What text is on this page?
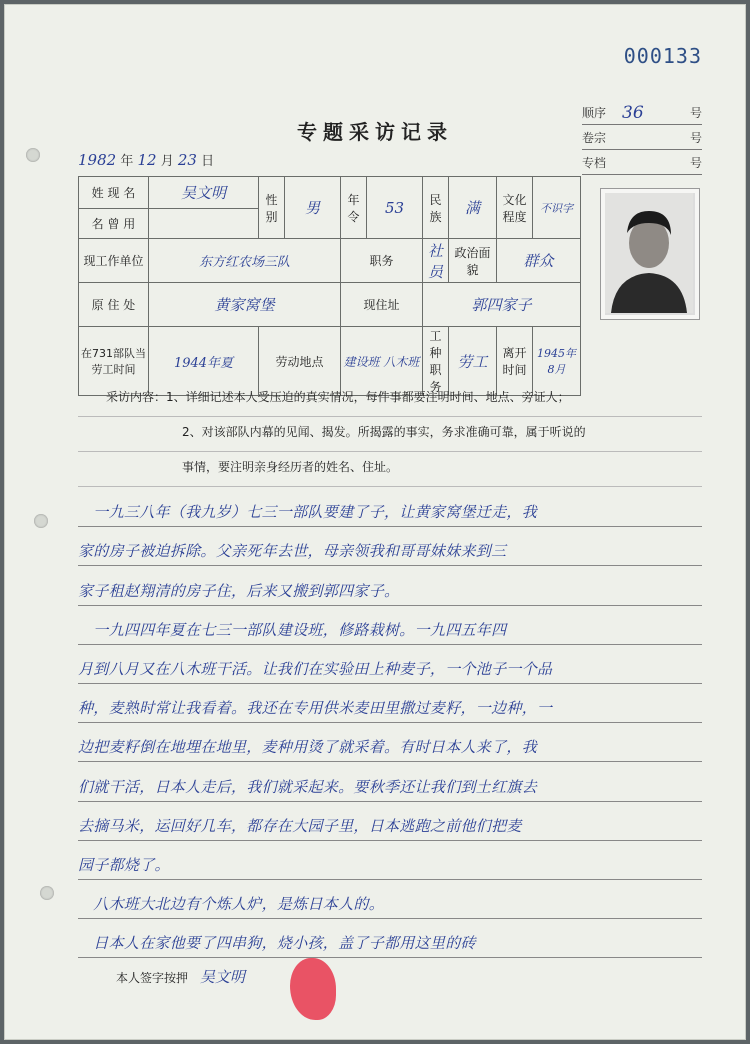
000133
专题采访记录
顺序 36	号
卷宗	号
专档	号
1982 年 12 月 23 日
姓 现 名	吴文明	性别	男	年令	53	民族	满	文化程度	不识字	
名 曾 用										
现工作单位	东方红农场三队			职务		社员	政治面貌	群众		
原 住 处	黄家窝堡			现住址		郭四家子				
在731部队当劳工时间	1944年夏	劳动地点		建设班 八木班		工种职务	劳工	离开时间	1945年8月	

采访内容：1、详细记述本人受压迫的真实情况，每件事都要注明时间、地点、旁证人；

2、对该部队内幕的见闻、揭发。所揭露的事实，务求准确可靠，属于听说的

事情，要注明亲身经历者的姓名、住址。

　一九三八年（我九岁）七三一部队要建了子，让黄家窝堡迁走，我
家的房子被迫拆除。父亲死年去世，母亲领我和哥哥妹妹来到三
家子租赵翔清的房子住，后来又搬到郭四家子。
　一九四四年夏在七三一部队建设班，修路栽树。一九四五年四
月到八月又在八木班干活。让我们在实验田上种麦子，一个池子一个品
种，麦熟时常让我看着。我还在专用供米麦田里撒过麦籽，一边种，一
边把麦籽倒在地埋在地里，麦种用烫了就采着。有时日本人来了，我
们就干活，日本人走后，我们就采起来。要秋季还让我们到土红旗去
去摘马米，运回好几车，都存在大园子里，日本逃跑之前他们把麦
园子都烧了。
　八木班大北边有个炼人炉，是炼日本人的。
　日本人在家他要了四串狗，烧小孩，盖了子都用这里的砖
本人签字按押 吴文明
